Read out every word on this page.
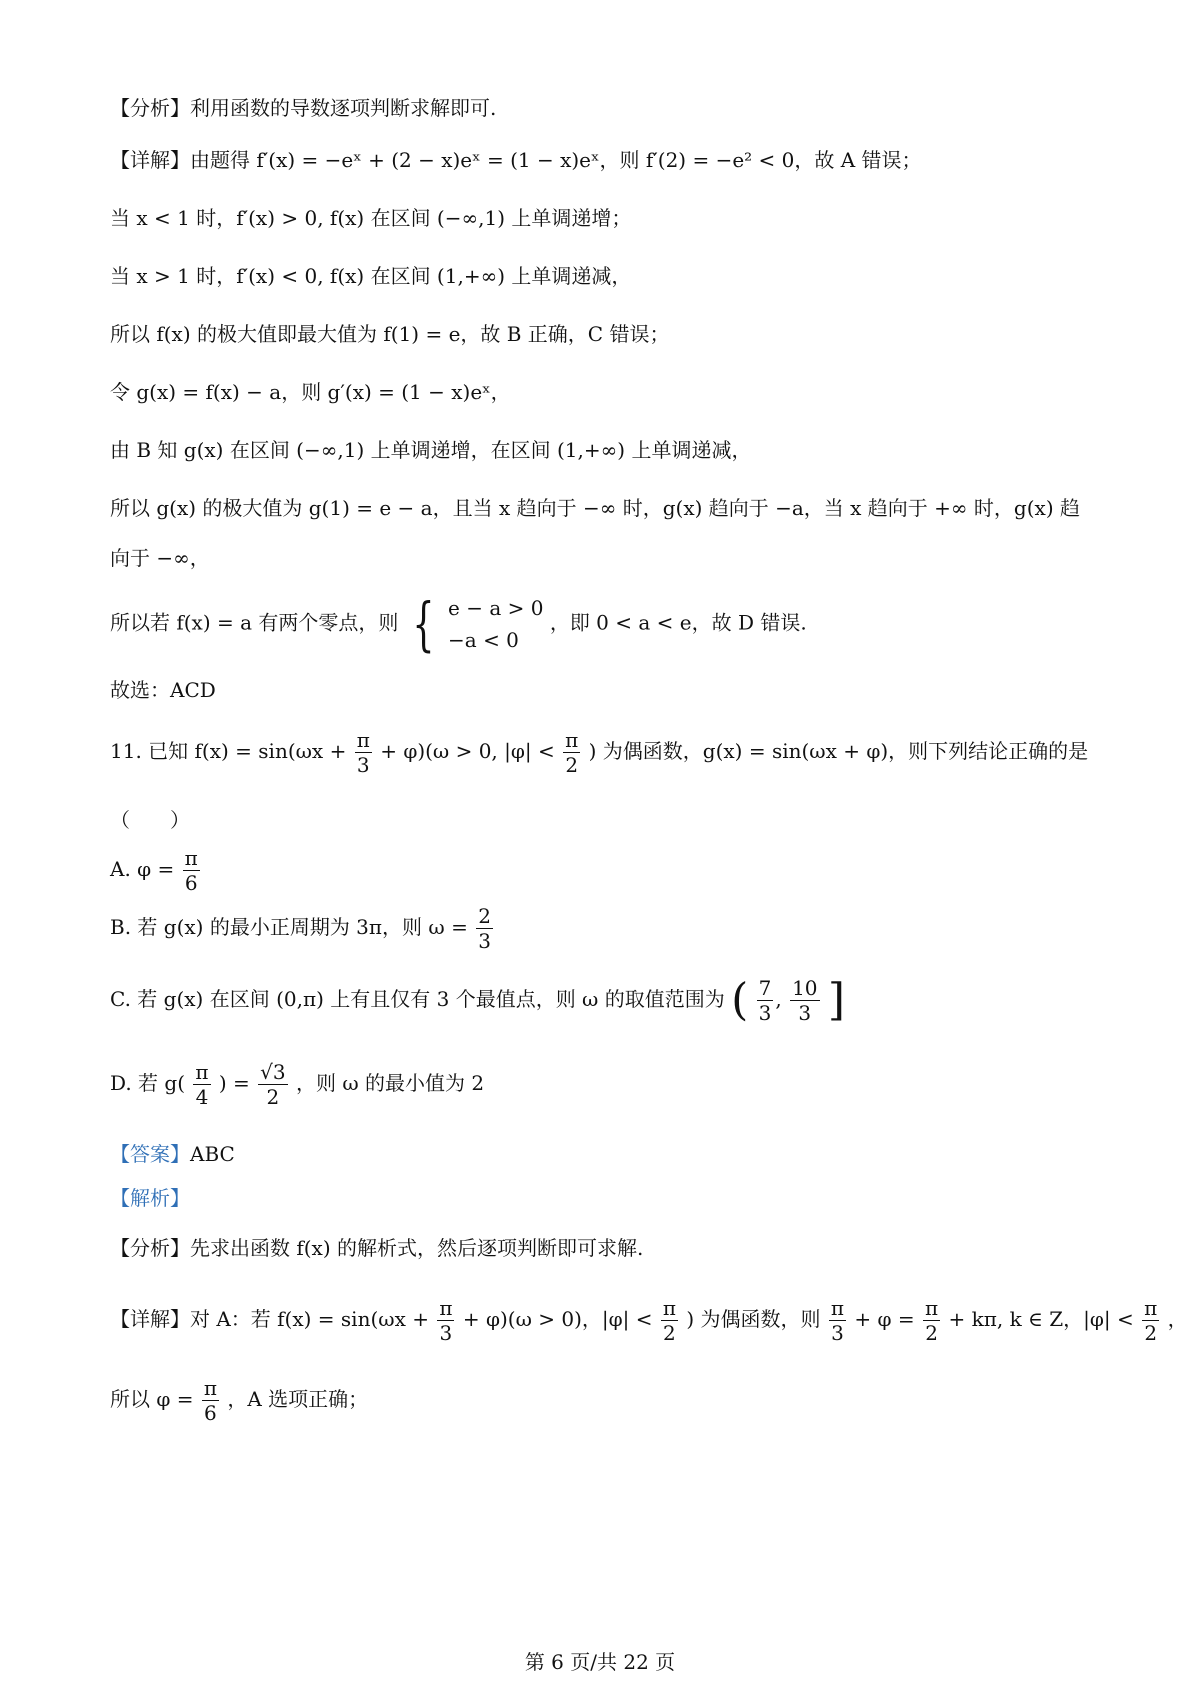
【分析】利用函数的导数逐项判断求解即可.
【详解】由题得 f′(x) = −eˣ + (2 − x)eˣ = (1 − x)eˣ，则 f′(2) = −e² < 0，故 A 错误；
当 x < 1 时，f′(x) > 0, f(x) 在区间 (−∞,1) 上单调递增；
当 x > 1 时，f′(x) < 0, f(x) 在区间 (1,+∞) 上单调递减，
所以 f(x) 的极大值即最大值为 f(1) = e，故 B 正确，C 错误；
令 g(x) = f(x) − a，则 g′(x) = (1 − x)eˣ，
由 B 知 g(x) 在区间 (−∞,1) 上单调递增，在区间 (1,+∞) 上单调递减，
所以 g(x) 的极大值为 g(1) = e − a，且当 x 趋向于 −∞ 时，g(x) 趋向于 −a，当 x 趋向于 +∞ 时，g(x) 趋
向于 −∞，
所以若 f(x) = a 有两个零点，则 { e − a > 0
−a < 0
，即 0 < a < e，故 D 错误.
故选：ACD
11. 已知 $f(x) = \sin(\omega x + \frac{\pi}{3} + \varphi)(\omega > 0$, $|\varphi| < \frac{\pi}{2}$ ) 为偶函数，g(x) = sin(ωx + φ)，则下列结论正确的是
（　　）
A. $\varphi = \frac{\pi}{6}$
B. 若 g(x) 的最小正周期为 3π，则 $\omega = \frac{2}{3}$
C. 若 g(x) 在区间 (0,π) 上有且仅有 3 个最值点，则 ω 的取值范围为 ( $\frac{7}{3}$ , $\frac{10}{3}$ ]
D. 若 $g( \frac{\pi}{4}$ ) = $\frac{√3}{2}$ ，则 ω 的最小值为 2
【答案】ABC
【解析】
【分析】先求出函数 f(x) 的解析式，然后逐项判断即可求解.
【详解】对 A：若 $f(x) = \sin(\omega x + \frac{\pi}{3} + \varphi)(\omega > 0)$，$|\varphi| < \frac{\pi}{2}$ ) 为偶函数，则 $\frac{\pi}{3} + \varphi = \frac{\pi}{2} + k\pi$, k ∈ Z，$|\varphi| < \frac{\pi}{2}$ ，
所以 $\varphi = \frac{\pi}{6}$ ，A 选项正确；
第 6 页/共 22 页
